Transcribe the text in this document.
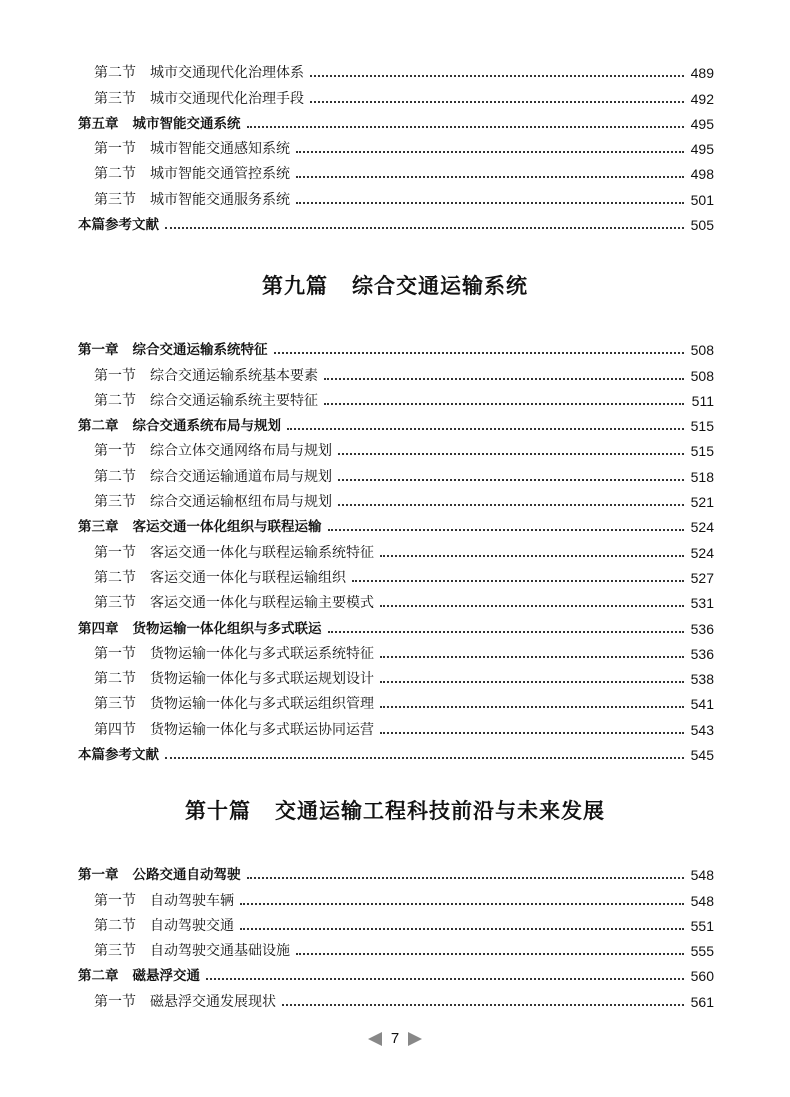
第二节 城市交通现代化治理体系	489
第三节 城市交通现代化治理手段	492
第五章 城市智能交通系统	495
第一节 城市智能交通感知系统	495
第二节 城市智能交通管控系统	498
第三节 城市智能交通服务系统	501
本篇参考文献	505
第九篇 综合交通运输系统
第一章 综合交通运输系统特征	508
第一节 综合交通运输系统基本要素	508
第二节 综合交通运输系统主要特征	511
第二章 综合交通系统布局与规划	515
第一节 综合立体交通网络布局与规划	515
第二节 综合交通运输通道布局与规划	518
第三节 综合交通运输枢纽布局与规划	521
第三章 客运交通一体化组织与联程运输	524
第一节 客运交通一体化与联程运输系统特征	524
第二节 客运交通一体化与联程运输组织	527
第三节 客运交通一体化与联程运输主要模式	531
第四章 货物运输一体化组织与多式联运	536
第一节 货物运输一体化与多式联运系统特征	536
第二节 货物运输一体化与多式联运规划设计	538
第三节 货物运输一体化与多式联运组织管理	541
第四节 货物运输一体化与多式联运协同运营	543
本篇参考文献	545
第十篇 交通运输工程科技前沿与未来发展
第一章 公路交通自动驾驶	548
第一节 自动驾驶车辆	548
第二节 自动驾驶交通	551
第三节 自动驾驶交通基础设施	555
第二章 磁悬浮交通	560
第一节 磁悬浮交通发展现状	561
7
